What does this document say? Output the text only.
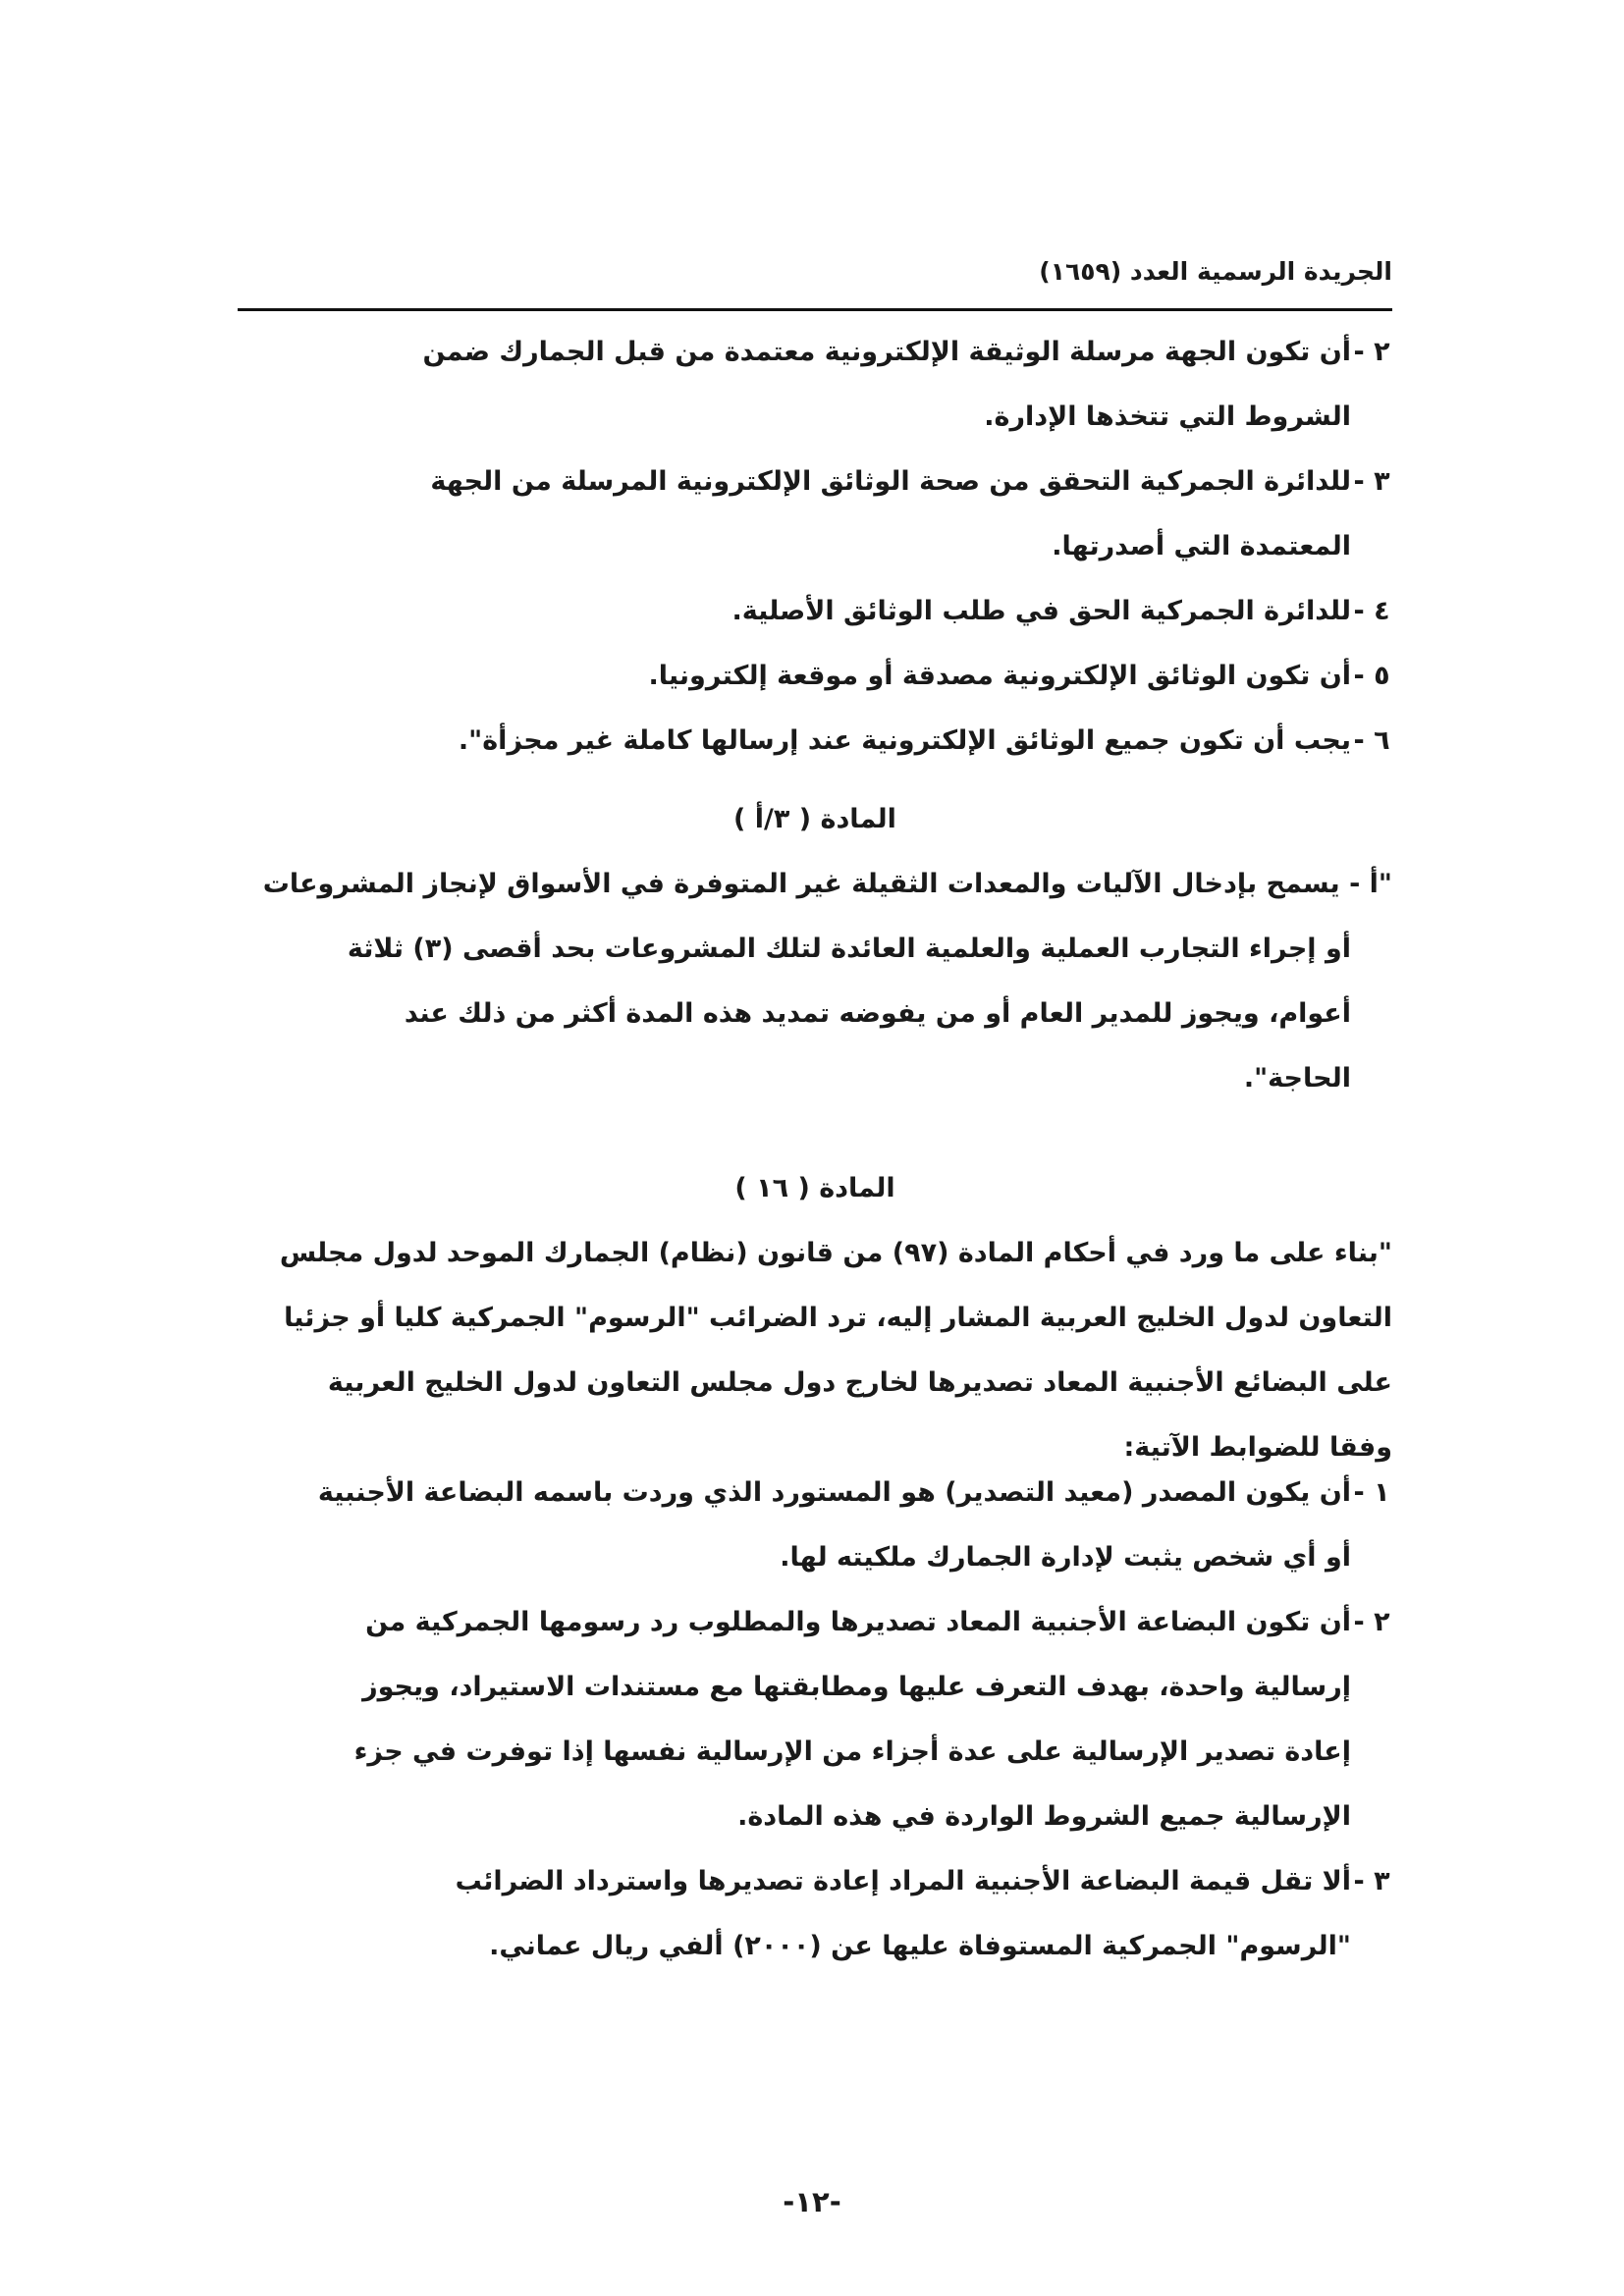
الجريدة الرسمية العدد (١٦٥٩)
٢ -أن تكون الجهة مرسلة الوثيقة الإلكترونية معتمدة من قبل الجمارك ضمن
الشروط التي تتخذها الإدارة.
٣ -للدائرة الجمركية التحقق من صحة الوثائق الإلكترونية المرسلة من الجهة
المعتمدة التي أصدرتها.
٤ -للدائرة الجمركية الحق في طلب الوثائق الأصلية.
٥ -أن تكون الوثائق الإلكترونية مصدقة أو موقعة إلكترونيا.
٦ -يجب أن تكون جميع الوثائق الإلكترونية عند إرسالها كاملة غير مجزأة".
المادة ( ٣/أ )
"أ - يسمح بإدخال الآليات والمعدات الثقيلة غير المتوفرة في الأسواق لإنجاز المشروعات
أو إجراء التجارب العملية والعلمية العائدة لتلك المشروعات بحد أقصى (٣) ثلاثة
أعوام، ويجوز للمدير العام أو من يفوضه تمديد هذه المدة أكثر من ذلك عند
الحاجة".
المادة ( ١٦ )
"بناء على ما ورد في أحكام المادة (٩٧) من قانون (نظام) الجمارك الموحد لدول مجلس
التعاون لدول الخليج العربية المشار إليه، ترد الضرائب "الرسوم" الجمركية كليا أو جزئيا
على البضائع الأجنبية المعاد تصديرها لخارج دول مجلس التعاون لدول الخليج العربية
وفقا للضوابط الآتية:
١ -أن يكون المصدر (معيد التصدير) هو المستورد الذي وردت باسمه البضاعة الأجنبية
أو أي شخص يثبت لإدارة الجمارك ملكيته لها.
٢ -أن تكون البضاعة الأجنبية المعاد تصديرها والمطلوب رد رسومها الجمركية من
إرسالية واحدة، بهدف التعرف عليها ومطابقتها مع مستندات الاستيراد، ويجوز
إعادة تصدير الإرسالية على عدة أجزاء من الإرسالية نفسها إذا توفرت في جزء
الإرسالية جميع الشروط الواردة في هذه المادة.
٣ -ألا تقل قيمة البضاعة الأجنبية المراد إعادة تصديرها واسترداد الضرائب
"الرسوم" الجمركية المستوفاة عليها عن (٢٠٠٠) ألفي ريال عماني.
-١٢-
